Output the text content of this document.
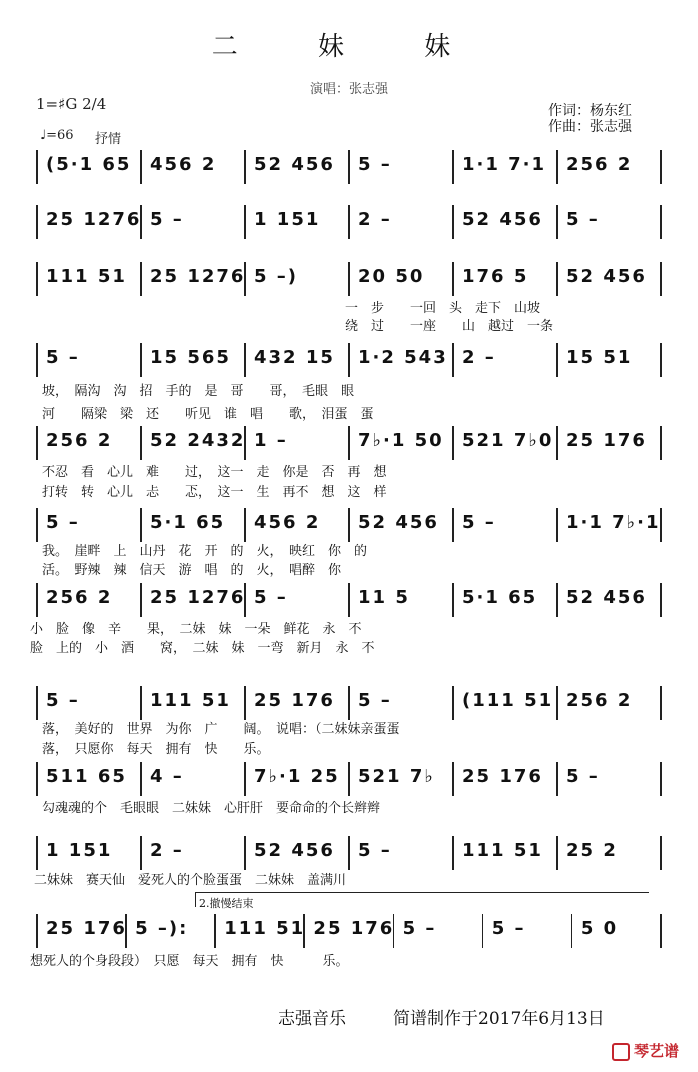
二 妹 妹
演唱：张志强
1=♯G 2/4
♩=66 抒情
作词：杨东红
作曲：张志强
(5·1 65 456 2 52 456 5 –	1·1 7·1 256 2
25 1276 5 –	1 151 2 –	52 456 5 –
111 51 25 1276 5 –)	20 50 176 5 52 456
5 –	15 565 432 15 1·2 543 2 –	15 51
256 2 52 2432 1 –	7♭·1 50 521 7♭0 25 176
5 –	5·1 65 456 2 52 456 5 –	1·1 7♭·1
256 2 25 1276 5 –	11 5	5·1 65 52 456
5 –	111 51 25 176 5 –	(111 51 256 2
511 65 4 –	7♭·1 25 521 7♭ 25 176 5 –
1 151 2 –	52 456 5 –	111 51 25 2
25 176 5 –): 111 51 25 176 5 –	5 –	5 0
一　步　　一回　头　走下　山坡
绕　过　　一座　　山　越过　一条
坡，　隔沟　沟　招　手的　是　哥　　哥，　毛眼　眼
河　　隔梁　梁　还　　听见　谁　唱　　歌，　泪蛋　蛋
不忍　看　心儿　难　　过，　这一　走　你是　否　再　想
打转　转　心儿　忐　　忑，　这一　生　再不　想　这　样
我。　崖畔　上　山丹　花　开　的　火，　映红　你　的
活。　野辣　辣　信天　游　唱　的　火，　唱醉　你
小　脸　像　辛　　果，　二妹　妹　一朵　鲜花　永　不
脸　上的　小　酒　　窝，　二妹　妹　一弯　新月　永　不
落，　美好的　世界　为你　广　　阔。　说唱：（二妹妹亲蛋蛋
落，　只愿你　每天　拥有　快　　乐。
勾魂魂的个　毛眼眼　二妹妹　心肝肝　要命命的个长辫辫
二妹妹　赛天仙　爱死人的个脸蛋蛋　二妹妹　盖满川
想死人的个身段段）　只愿　每天　拥有　快　　　乐。
2.撤慢结束
志强音乐	简谱制作于2017年6月13日
琴艺谱
